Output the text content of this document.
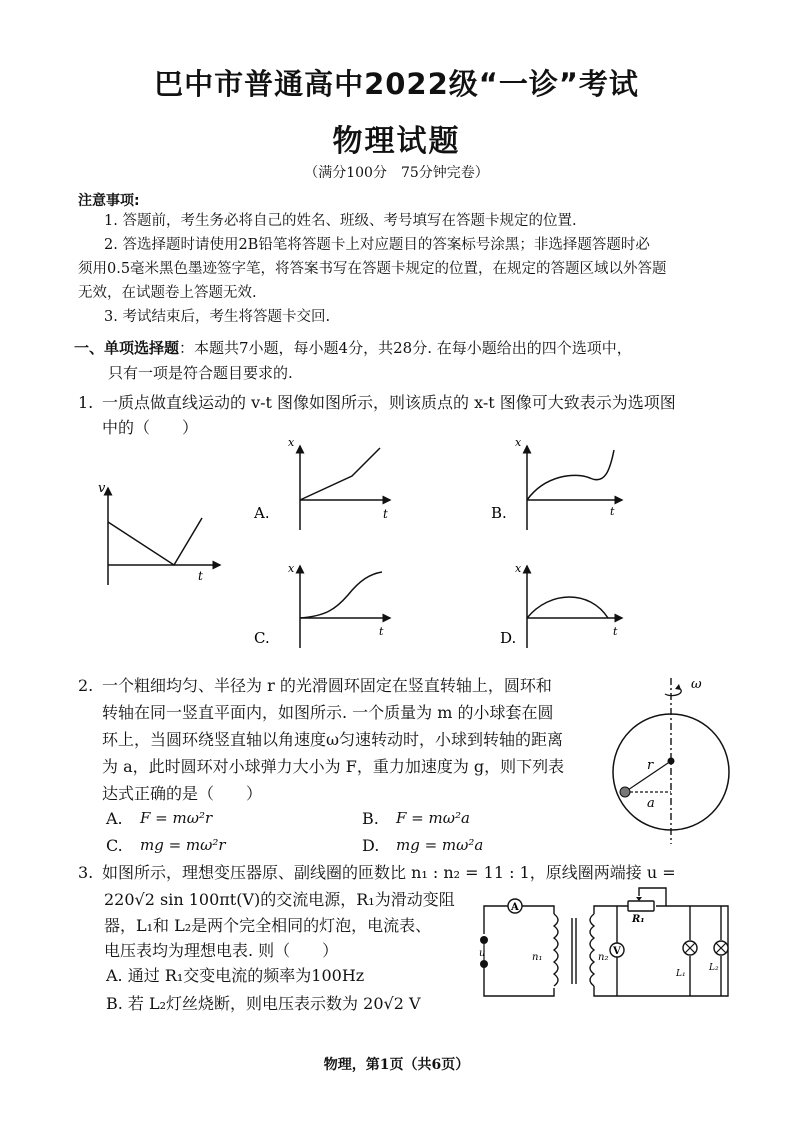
巴中市普通高中2022级“一诊”考试
物理试题
（满分100分　75分钟完卷）
注意事项:
1. 答题前，考生务必将自己的姓名、班级、考号填写在答题卡规定的位置.
2. 答选择题时请使用2B铅笔将答题卡上对应题目的答案标号涂黑；非选择题答题时必
须用0.5毫米黑色墨迹签字笔，将答案书写在答题卡规定的位置，在规定的答题区域以外答题
无效，在试题卷上答题无效.
3. 考试结束后，考生将答题卡交回.
一、单项选择题：本题共7小题，每小题4分，共28分. 在每小题给出的四个选项中，
只有一项是符合题目要求的.
1. 一质点做直线运动的 v-t 图像如图所示，则该质点的 x-t 图像可大致表示为选项图
中的（　　）
v
t
x
t
A.
x
t
B.
x
t
C.
x
t
D.
2. 一个粗细均匀、半径为 r 的光滑圆环固定在竖直转轴上，圆环和
转轴在同一竖直平面内，如图所示. 一个质量为 m 的小球套在圆
环上，当圆环绕竖直轴以角速度ω匀速转动时，小球到转轴的距离
为 a，此时圆环对小球弹力大小为 F，重力加速度为 g，则下列表
达式正确的是（　　）
A. F = mω²r	B. F = mω²a
C. mg = mω²r	D. mg = mω²a
ω
r
a
3. 如图所示，理想变压器原、副线圈的匝数比 n₁ : n₂ = 11 : 1，原线圈两端接 u =
220√2 sin 100πt(V)的交流电源，R₁为滑动变阻
器，L₁和 L₂是两个完全相同的灯泡，电流表、
电压表均为理想电表. 则（　　）
A. 通过 R₁交变电流的频率为100Hz
B. 若 L₂灯丝烧断，则电压表示数为 20√2 V
A
u	n₁	n₂
V
R₁
L₁
L₂
物理，第1页（共6页）
